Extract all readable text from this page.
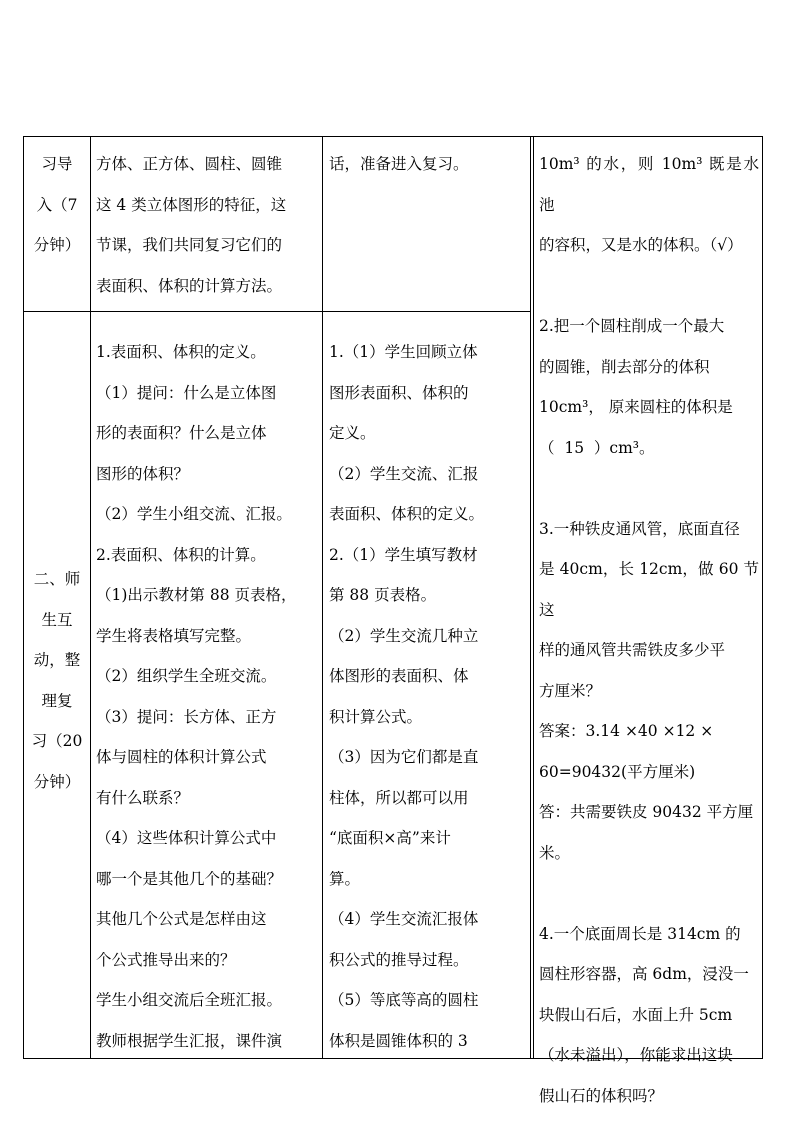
习导

入（7

分钟）

方体、正方体、圆柱、圆锥

这 4 类立体图形的特征，这

节课，我们共同复习它们的

表面积、体积的计算方法。

话，准备进入复习。

二、师

生互

动，整

理复

习（20

分钟）

1.表面积、体积的定义。

（1）提问：什么是立体图

形的表面积？什么是立体

图形的体积？

（2）学生小组交流、汇报。

2.表面积、体积的计算。

（1)出示教材第 88 页表格，

学生将表格填写完整。

（2）组织学生全班交流。

（3）提问：长方体、正方

体与圆柱的体积计算公式

有什么联系？

（4）这些体积计算公式中

哪一个是其他几个的基础？

其他几个公式是怎样由这

个公式推导出来的？

学生小组交流后全班汇报。

教师根据学生汇报，课件演

1.（1）学生回顾立体

图形表面积、体积的

定义。

（2）学生交流、汇报

表面积、体积的定义。

2.（1）学生填写教材

第 88 页表格。

（2）学生交流几种立

体图形的表面积、体

积计算公式。

（3）因为它们都是直

柱体，所以都可以用

“底面积×高”来计

算。

（4）学生交流汇报体

积公式的推导过程。

（5）等底等高的圆柱

体积是圆锥体积的 3

10m³ 的水，则 10m³ 既是水池

的容积，又是水的体积。（√）

2.把一个圆柱削成一个最大

的圆锥，削去部分的体积

10cm³， 原来圆柱的体积是

（  15  ）cm³。

3.一种铁皮通风管，底面直径

是 40cm，长 12cm，做 60 节这

样的通风管共需铁皮多少平

方厘米？

答案：3.14 ×40 ×12 ×

60=90432(平方厘米)

答：共需要铁皮 90432 平方厘

米。

4.一个底面周长是 314cm 的

圆柱形容器，高 6dm，浸没一

块假山石后，水面上升 5cm

（水未溢出），你能求出这块

假山石的体积吗？
